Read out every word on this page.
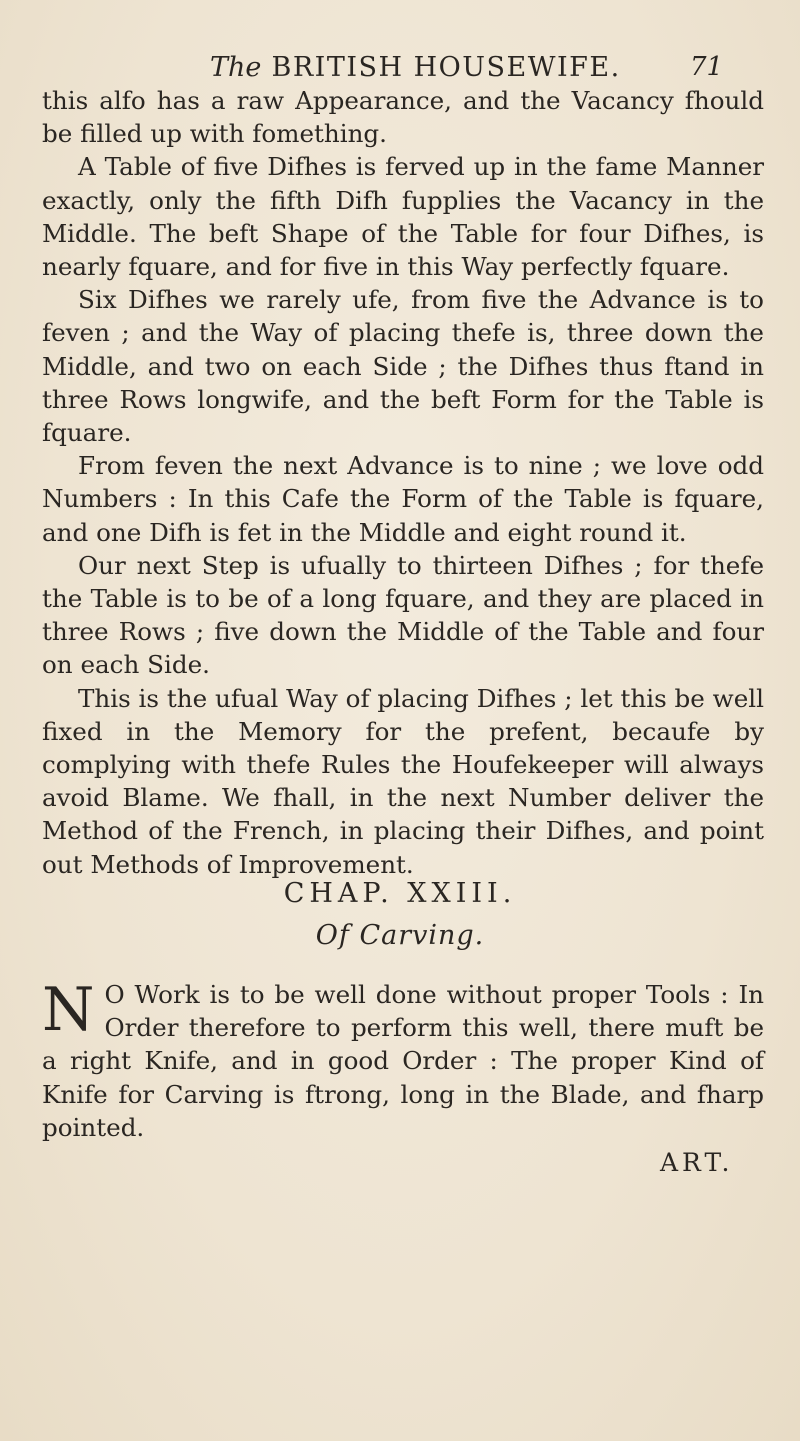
The BRITISH HOUSEWIFE.	71

this alfo has a raw Appearance, and the Vacancy fhould be filled up with fomething.

A Table of five Difhes is ferved up in the fame Manner exactly, only the fifth Difh fupplies the Vacancy in the Middle. The beft Shape of the Table for four Difhes, is nearly fquare, and for five in this Way perfectly fquare.

Six Difhes we rarely ufe, from five the Advance is to feven ; and the Way of placing thefe is, three down the Middle, and two on each Side ; the Difhes thus ftand in three Rows longwife, and the beft Form for the Table is fquare.

From feven the next Advance is to nine ; we love odd Numbers : In this Cafe the Form of the Table is fquare, and one Difh is fet in the Middle and eight round it.

Our next Step is ufually to thirteen Difhes ; for thefe the Table is to be of a long fquare, and they are placed in three Rows ; five down the Middle of the Table and four on each Side.

This is the ufual Way of placing Difhes ; let this be well fixed in the Memory for the prefent, becaufe by complying with thefe Rules the Houfekeeper will always avoid Blame. We fhall, in the next Number deliver the Method of the French, in placing their Difhes, and point out Methods of Improvement.

CHAP. XXIII.
Of Carving.
N O Work is to be well done without proper Tools : In Order therefore to perform this well, there muft be a right Knife, and in good Order : The proper Kind of Knife for Carving is ftrong, long in the Blade, and fharp pointed.

ART.
